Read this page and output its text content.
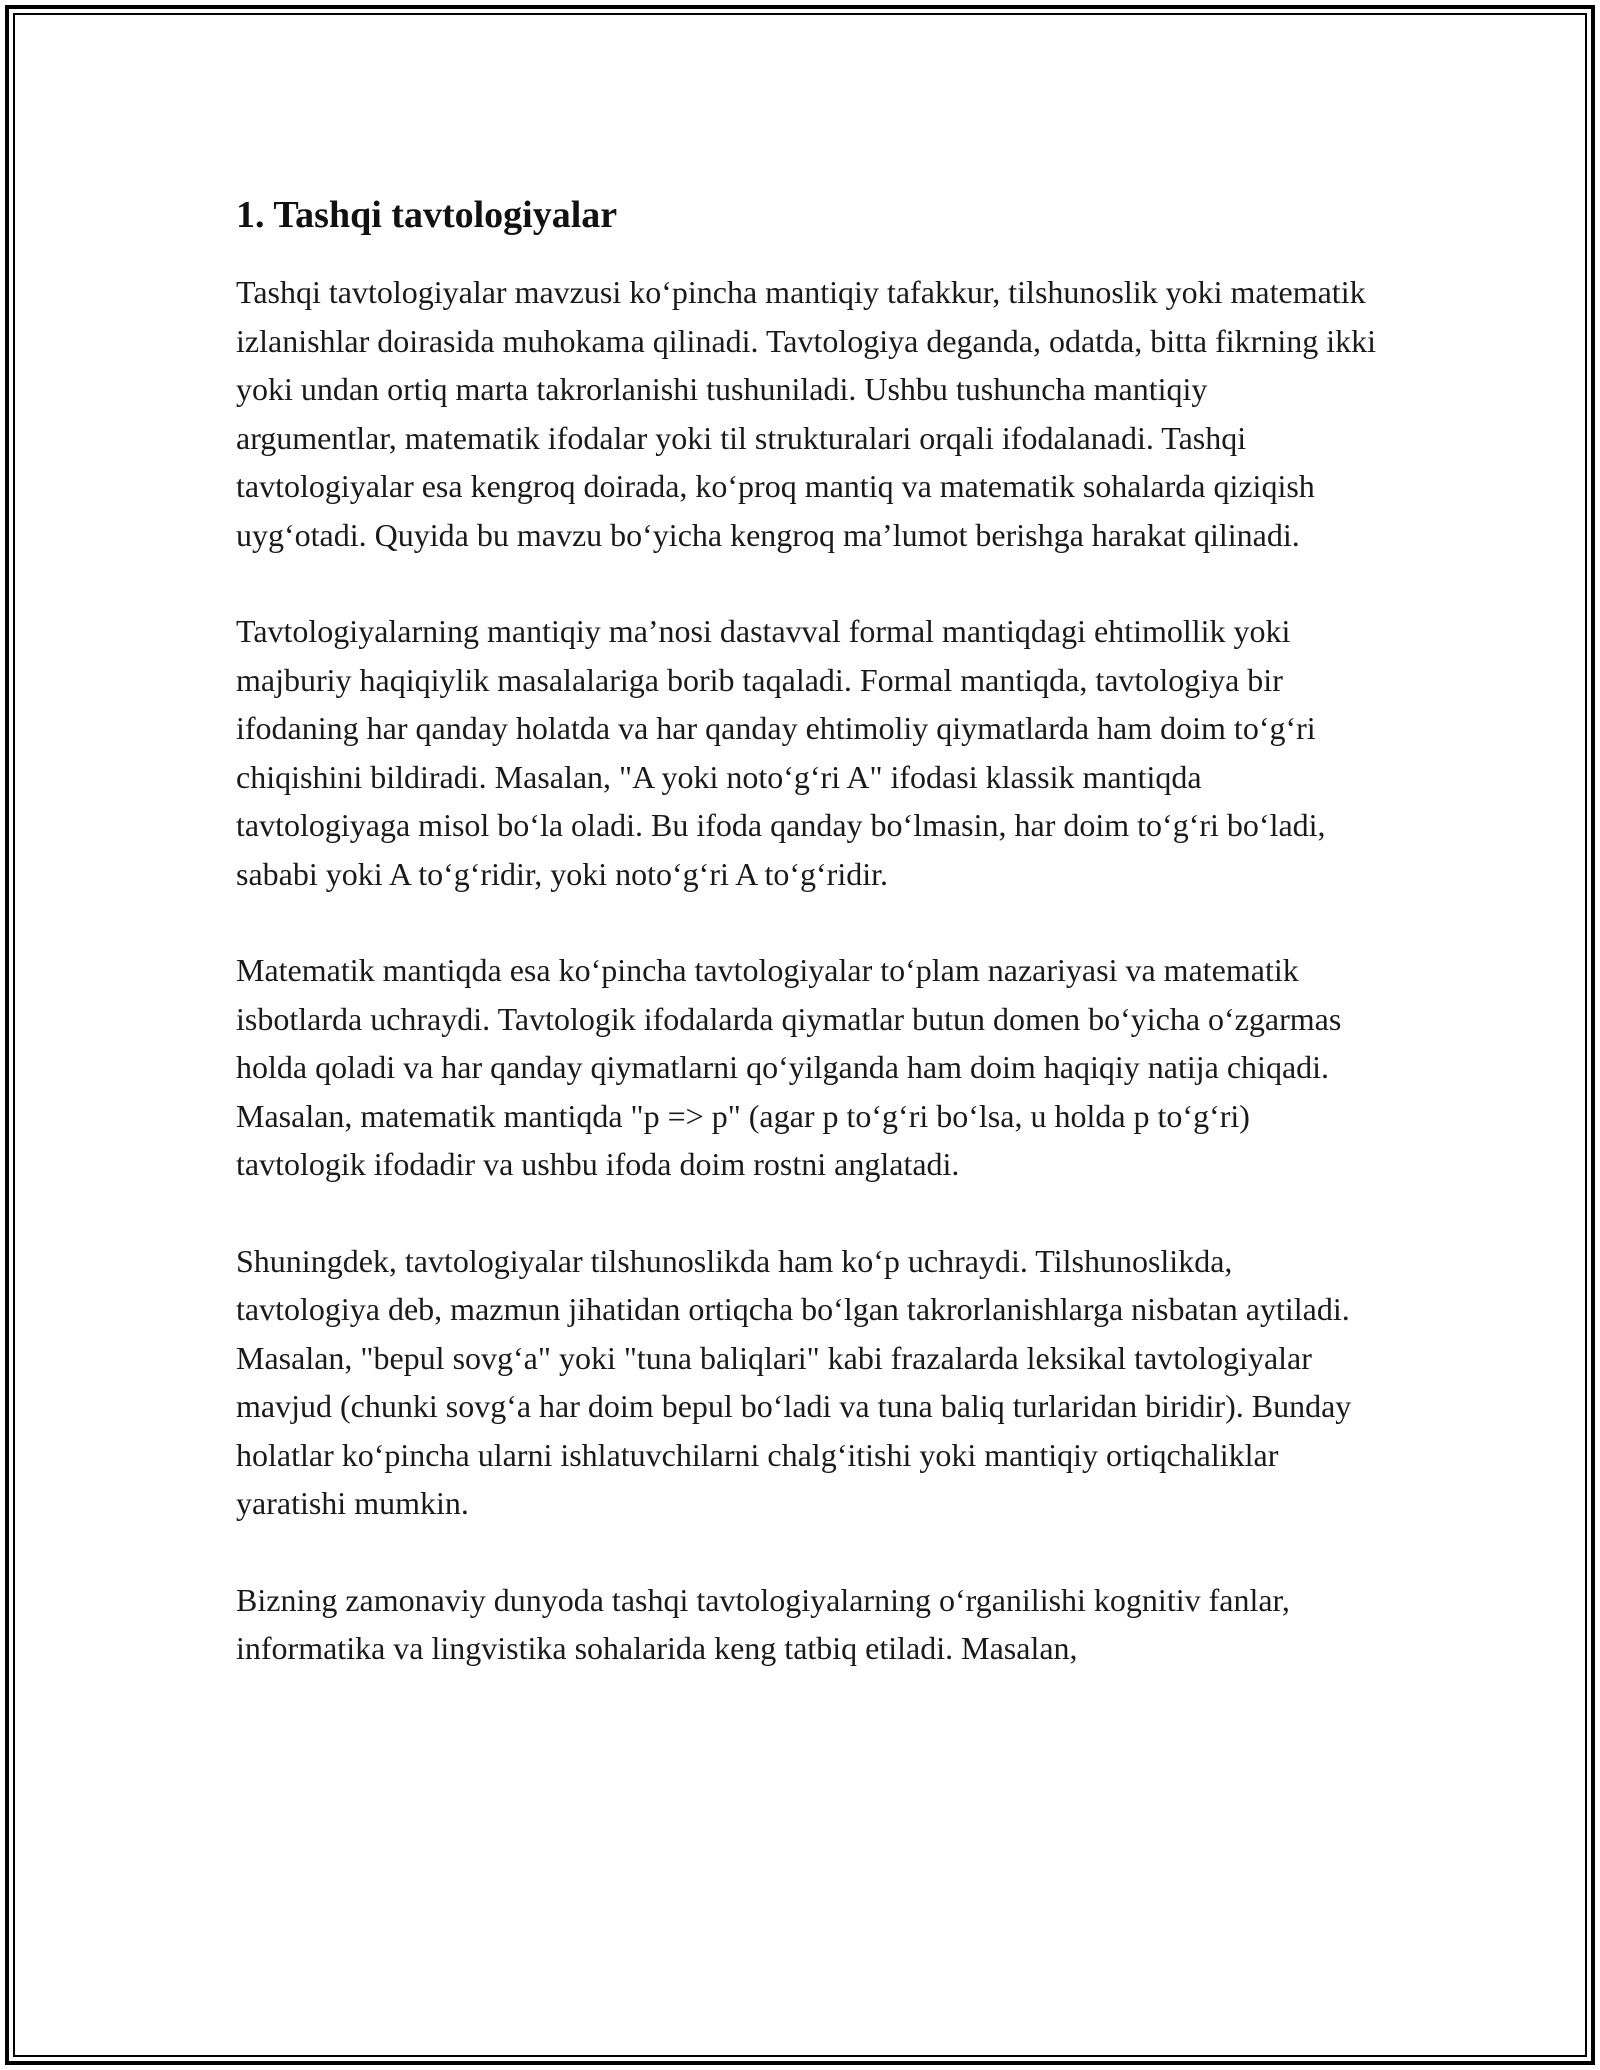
1. Tashqi tavtologiyalar

Tashqi tavtologiyalar mavzusi ko‘pincha mantiqiy tafakkur, tilshunoslik yoki matematik izlanishlar doirasida muhokama qilinadi. Tavtologiya deganda, odatda, bitta fikrning ikki yoki undan ortiq marta takrorlanishi tushuniladi. Ushbu tushuncha mantiqiy argumentlar, matematik ifodalar yoki til strukturalari orqali ifodalanadi. Tashqi tavtologiyalar esa kengroq doirada, ko‘proq mantiq va matematik sohalarda qiziqish uyg‘otadi. Quyida bu mavzu bo‘yicha kengroq ma’lumot berishga harakat qilinadi.

Tavtologiyalarning mantiqiy ma’nosi dastavval formal mantiqdagi ehtimollik yoki majburiy haqiqiylik masalalariga borib taqaladi. Formal mantiqda, tavtologiya bir ifodaning har qanday holatda va har qanday ehtimoliy qiymatlarda ham doim to‘g‘ri chiqishini bildiradi. Masalan, "A yoki noto‘g‘ri A" ifodasi klassik mantiqda tavtologiyaga misol bo‘la oladi. Bu ifoda qanday bo‘lmasin, har doim to‘g‘ri bo‘ladi, sababi yoki A to‘g‘ridir, yoki noto‘g‘ri A to‘g‘ridir.

Matematik mantiqda esa ko‘pincha tavtologiyalar to‘plam nazariyasi va matematik isbotlarda uchraydi. Tavtologik ifodalarda qiymatlar butun domen bo‘yicha o‘zgarmas holda qoladi va har qanday qiymatlarni qo‘yilganda ham doim haqiqiy natija chiqadi. Masalan, matematik mantiqda "p => p" (agar p to‘g‘ri bo‘lsa, u holda p to‘g‘ri) tavtologik ifodadir va ushbu ifoda doim rostni anglatadi.

Shuningdek, tavtologiyalar tilshunoslikda ham ko‘p uchraydi. Tilshunoslikda, tavtologiya deb, mazmun jihatidan ortiqcha bo‘lgan takrorlanishlarga nisbatan aytiladi. Masalan, "bepul sovg‘a" yoki "tuna baliqlari" kabi frazalarda leksikal tavtologiyalar mavjud (chunki sovg‘a har doim bepul bo‘ladi va tuna baliq turlaridan biridir). Bunday holatlar ko‘pincha ularni ishlatuvchilarni chalg‘itishi yoki mantiqiy ortiqchaliklar yaratishi mumkin.

Bizning zamonaviy dunyoda tashqi tavtologiyalarning o‘rganilishi kognitiv fanlar, informatika va lingvistika sohalarida keng tatbiq etiladi. Masalan,
